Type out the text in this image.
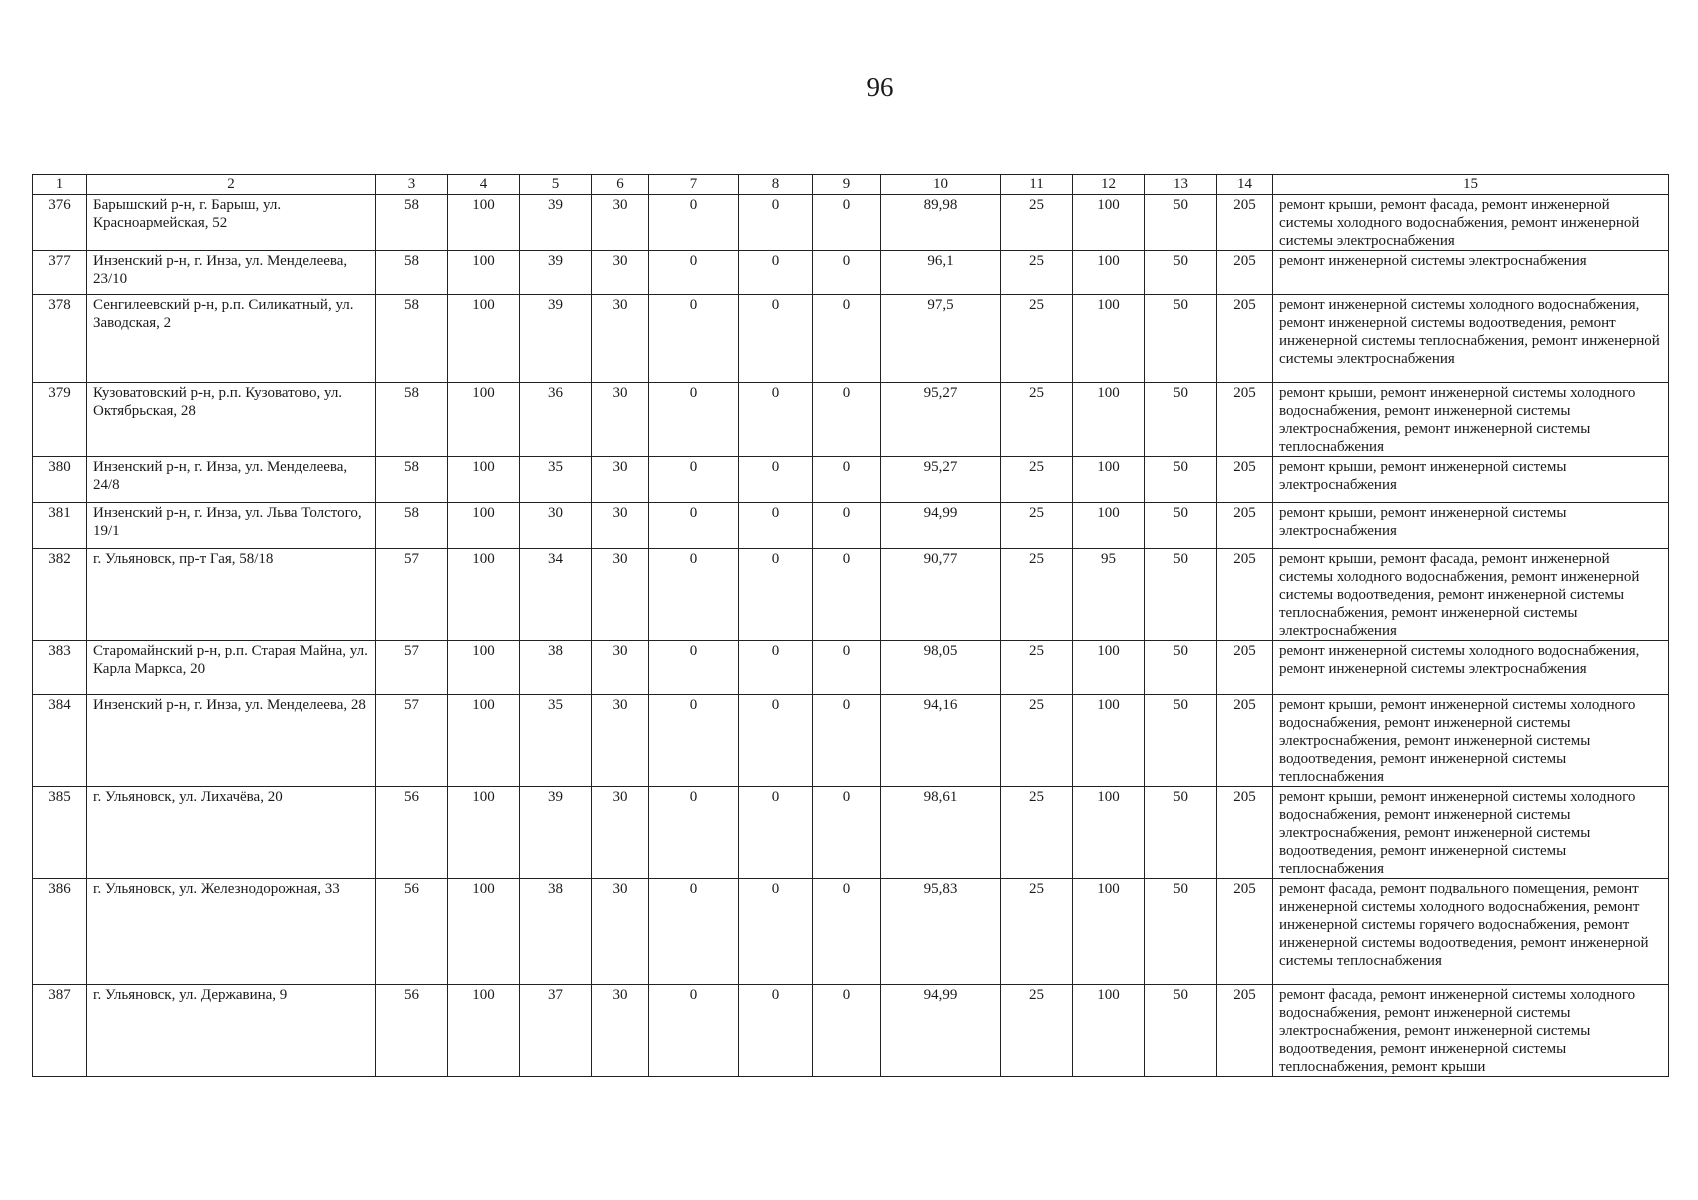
96
1	2	3	4	5	6	7	8	9	10	11	12	13	14	15
376	Барышский р-н, г. Барыш, ул. Красноармейская, 52	58	100	39	30	0	0	0	89,98	25	100	50	205	ремонт крыши, ремонт фасада, ремонт инженерной системы холодного водоснабжения, ремонт инженерной системы электроснабжения
377	Инзенский р-н, г. Инза, ул. Менделеева, 23/10	58	100	39	30	0	0	0	96,1	25	100	50	205	ремонт инженерной системы электроснабжения
378	Сенгилеевский р-н, р.п. Силикатный, ул. Заводская, 2	58	100	39	30	0	0	0	97,5	25	100	50	205	ремонт инженерной системы холодного водоснабжения, ремонт инженерной системы водоотведения, ремонт инженерной системы теплоснабжения, ремонт инженерной системы электроснабжения
379	Кузоватовский р-н, р.п. Кузоватово, ул. Октябрьская, 28	58	100	36	30	0	0	0	95,27	25	100	50	205	ремонт крыши, ремонт инженерной системы холодного водоснабжения, ремонт инженерной системы электроснабжения, ремонт инженерной системы теплоснабжения
380	Инзенский р-н, г. Инза, ул. Менделеева, 24/8	58	100	35	30	0	0	0	95,27	25	100	50	205	ремонт крыши, ремонт инженерной системы электроснабжения
381	Инзенский р-н, г. Инза, ул. Льва Толстого, 19/1	58	100	30	30	0	0	0	94,99	25	100	50	205	ремонт крыши, ремонт инженерной системы электроснабжения
382	г. Ульяновск, пр-т Гая, 58/18	57	100	34	30	0	0	0	90,77	25	95	50	205	ремонт крыши, ремонт фасада, ремонт инженерной системы холодного водоснабжения, ремонт инженерной системы водоотведения, ремонт инженерной системы теплоснабжения, ремонт инженерной системы электроснабжения
383	Старомайнский р-н, р.п. Старая Майна, ул. Карла Маркса, 20	57	100	38	30	0	0	0	98,05	25	100	50	205	ремонт инженерной системы холодного водоснабжения, ремонт инженерной системы электроснабжения
384	Инзенский р-н, г. Инза, ул. Менделеева, 28	57	100	35	30	0	0	0	94,16	25	100	50	205	ремонт крыши, ремонт инженерной системы холодного водоснабжения, ремонт инженерной системы электроснабжения, ремонт инженерной системы водоотведения, ремонт инженерной системы теплоснабжения
385	г. Ульяновск, ул. Лихачёва, 20	56	100	39	30	0	0	0	98,61	25	100	50	205	ремонт крыши, ремонт инженерной системы холодного водоснабжения, ремонт инженерной системы электроснабжения, ремонт инженерной системы водоотведения, ремонт инженерной системы теплоснабжения
386	г. Ульяновск, ул. Железнодорожная, 33	56	100	38	30	0	0	0	95,83	25	100	50	205	ремонт фасада, ремонт подвального помещения, ремонт инженерной системы холодного водоснабжения, ремонт инженерной системы горячего водоснабжения, ремонт инженерной системы водоотведения, ремонт инженерной системы теплоснабжения
387	г. Ульяновск, ул. Державина, 9	56	100	37	30	0	0	0	94,99	25	100	50	205	ремонт фасада, ремонт инженерной системы холодного водоснабжения, ремонт инженерной системы электроснабжения, ремонт инженерной системы водоотведения, ремонт инженерной системы теплоснабжения, ремонт крыши
